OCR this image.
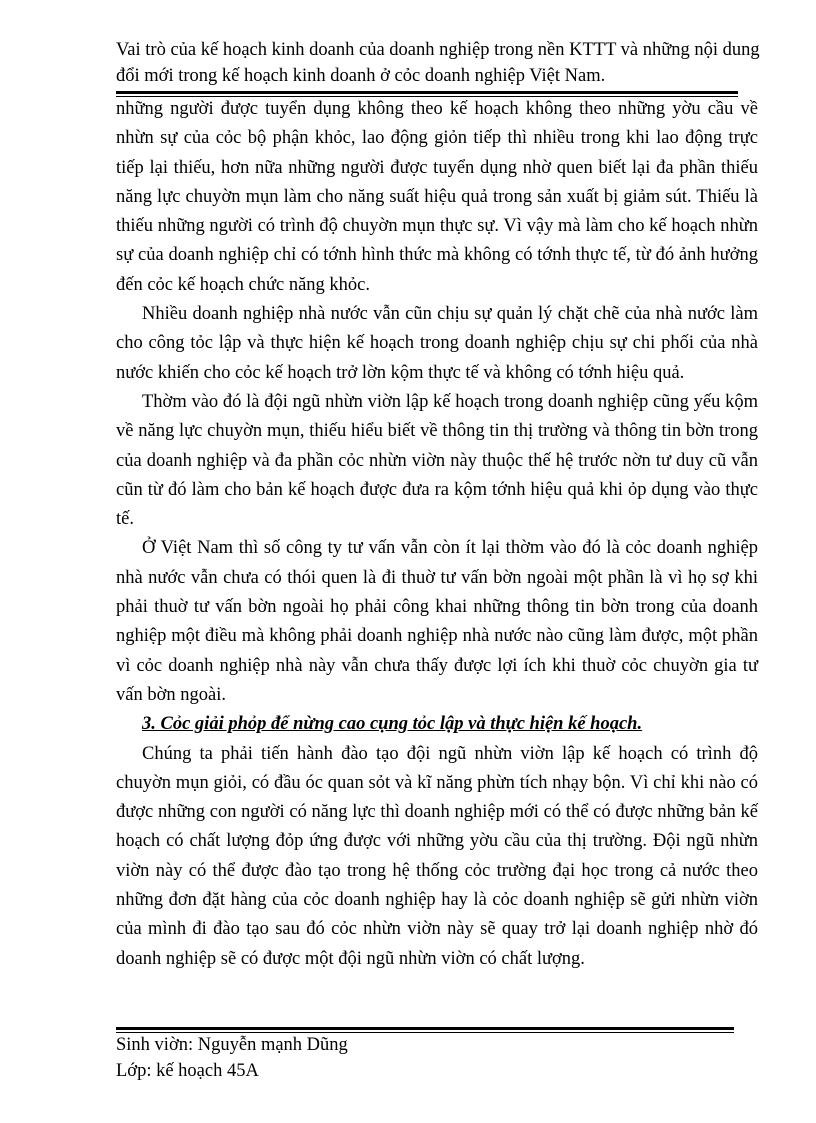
Vai trò của kế hoạch kinh doanh của doanh nghiệp trong nền KTTT và những nội dung đổi mới trong kế hoạch kinh doanh ở cỏc doanh nghiệp Việt Nam.

những người được tuyển dụng không theo kế hoạch không theo những yờu cầu về nhừn sự của cỏc bộ phận khỏc, lao động giỏn tiếp thì nhiều trong khi lao động trực tiếp lại thiếu, hơn nữa những người được tuyển dụng nhờ quen biết lại đa phần thiếu năng lực chuyờn mụn làm cho năng suất hiệu quả trong sản xuất bị giảm sút. Thiếu là thiếu những người có trình độ chuyờn mụn thực sự. Vì vậy mà làm cho kế hoạch nhừn sự của doanh nghiệp chỉ có tớnh hình thức mà không có tớnh thực tế, từ đó ảnh hưởng đến cỏc kế hoạch chức năng khỏc.

Nhiều doanh nghiệp nhà nước vẫn cũn chịu sự quản lý chặt chẽ của nhà nước làm cho công tỏc lập và thực hiện kế hoạch trong doanh nghiệp chịu sự chi phối của nhà nước khiến cho cỏc kế hoạch trở lờn kộm thực tế và không có tớnh hiệu quả.

Thờm vào đó là đội ngũ nhừn viờn lập kế hoạch trong doanh nghiệp cũng yếu kộm về năng lực chuyờn mụn, thiếu hiểu biết về thông tin thị trường và thông tin bờn trong của doanh nghiệp và đa phần cỏc nhừn viờn này thuộc thế hệ trước nờn tư duy cũ vẫn cũn từ đó làm cho bản kế hoạch được đưa ra kộm tớnh hiệu quả khi ỏp dụng vào thực tế.

Ở Việt Nam thì số công ty tư vấn vẫn còn ít lại thờm vào đó là cỏc doanh nghiệp nhà nước vẫn chưa có thói quen là đi thuờ tư vấn bờn ngoài một phần là vì họ sợ khi phải thuờ tư vấn bờn ngoài họ phải công khai những thông tin bờn trong của doanh nghiệp một điều mà không phải doanh nghiệp nhà nước nào cũng làm được, một phần vì cỏc doanh nghiệp nhà này vẫn chưa thấy được lợi ích khi thuờ cỏc chuyờn gia tư vấn bờn ngoài.

3. Cỏc giải phỏp để nừng cao cụng tỏc lập và thực hiện kế hoạch.

Chúng ta phải tiến hành đào tạo đội ngũ nhừn viờn lập kế hoạch có trình độ chuyờn mụn giỏi, có đầu óc quan sỏt và kĩ năng phừn tích nhạy bộn. Vì chỉ khi nào có được những con người có năng lực thì doanh nghiệp mới có thể có được những bản kế hoạch có chất lượng đỏp ứng được với những yờu cầu của thị trường. Đội ngũ nhừn viờn này có thể được đào tạo trong hệ thống cỏc trường đại học trong cả nước theo những đơn đặt hàng của cỏc doanh nghiệp hay là cỏc doanh nghiệp sẽ gửi nhừn viờn của mình đi đào tạo sau đó cỏc nhừn viờn này sẽ quay trở lại doanh nghiệp nhờ đó doanh nghiệp sẽ có được một đội ngũ nhừn viờn có chất lượng.

Sinh viờn: Nguyễn mạnh Dũng
Lớp: kế hoạch 45A
